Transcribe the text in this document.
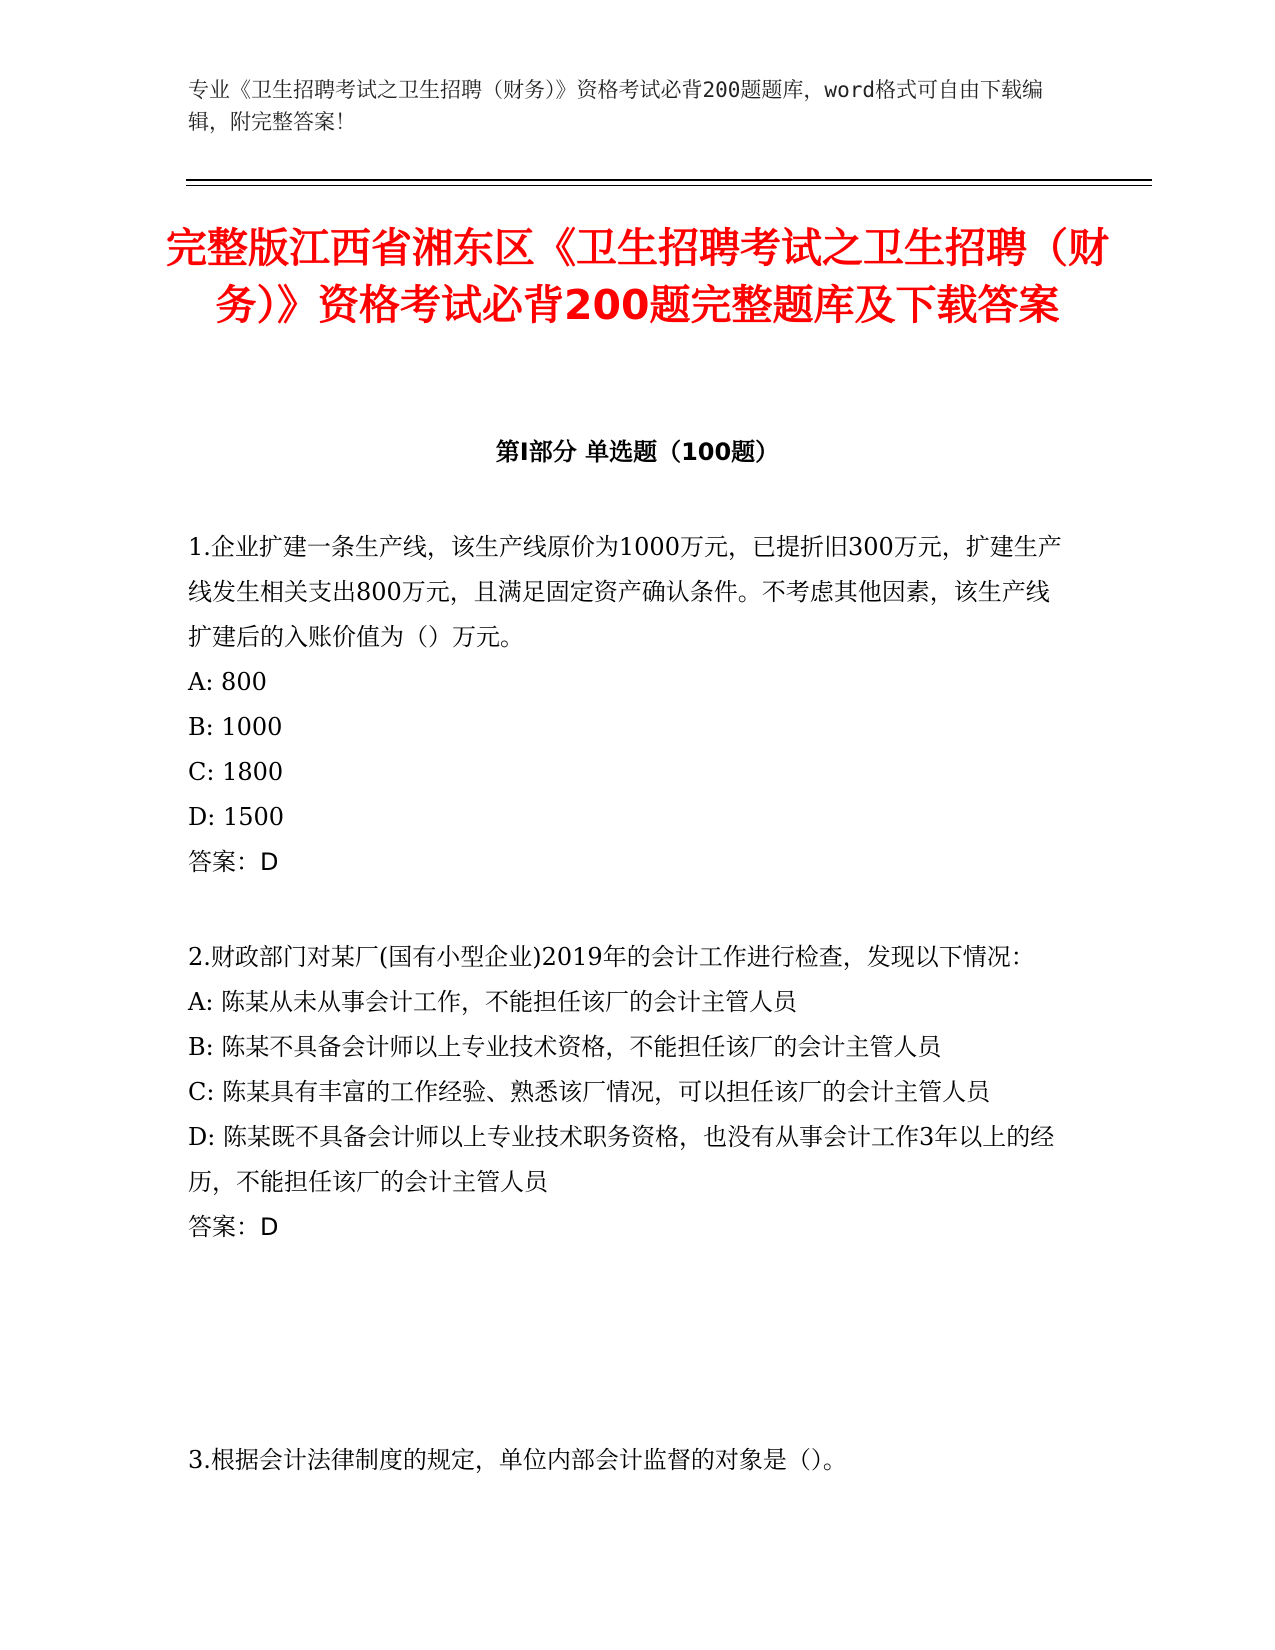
专业《卫生招聘考试之卫生招聘（财务）》资格考试必背200题题库，word格式可自由下载编辑，附完整答案！
完整版江西省湘东区《卫生招聘考试之卫生招聘（财务）》资格考试必背200题完整题库及下载答案
第Ⅰ部分 单选题（100题）
1.企业扩建一条生产线，该生产线原价为1000万元，已提折旧300万元，扩建生产线发生相关支出800万元，且满足固定资产确认条件。不考虑其他因素，该生产线扩建后的入账价值为（）万元。
A: 800
B: 1000
C: 1800
D: 1500
答案：D
2.财政部门对某厂(国有小型企业)2019年的会计工作进行检查，发现以下情况：
A: 陈某从未从事会计工作，不能担任该厂的会计主管人员
B: 陈某不具备会计师以上专业技术资格，不能担任该厂的会计主管人员
C: 陈某具有丰富的工作经验、熟悉该厂情况，可以担任该厂的会计主管人员
D: 陈某既不具备会计师以上专业技术职务资格，也没有从事会计工作3年以上的经历，不能担任该厂的会计主管人员
答案：D
3.根据会计法律制度的规定，单位内部会计监督的对象是（）。
